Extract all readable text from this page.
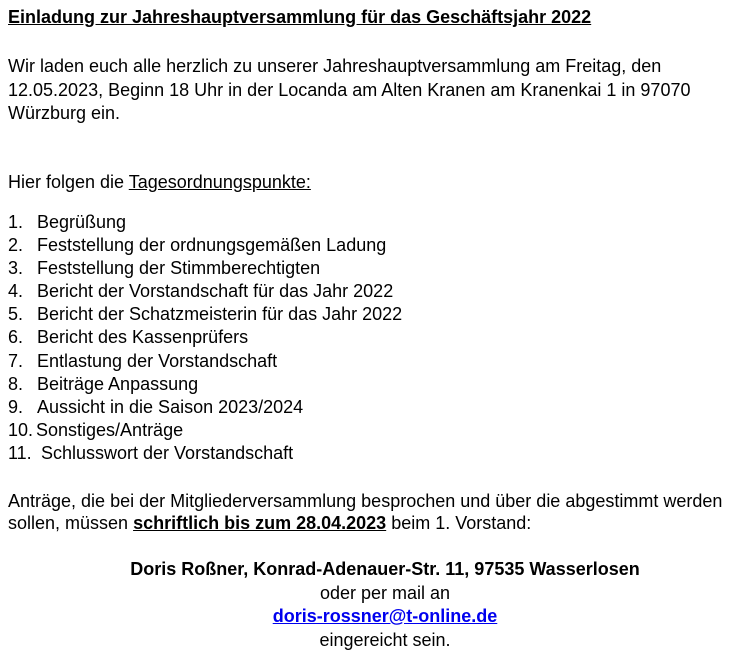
Einladung zur Jahreshauptversammlung für das Geschäftsjahr 2022
Wir laden euch alle herzlich zu unserer Jahreshauptversammlung am Freitag, den 12.05.2023, Beginn 18 Uhr in der Locanda am Alten Kranen am Kranenkai 1 in 97070 Würzburg ein.
Hier folgen die Tagesordnungspunkte:
1. Begrüßung
2. Feststellung der ordnungsgemäßen Ladung
3. Feststellung der Stimmberechtigten
4. Bericht der Vorstandschaft für das Jahr 2022
5. Bericht der Schatzmeisterin für das Jahr 2022
6. Bericht des Kassenprüfers
7. Entlastung der Vorstandschaft
8. Beiträge Anpassung
9. Aussicht in die Saison 2023/2024
10. Sonstiges/Anträge
11. Schlusswort der Vorstandschaft
Anträge, die bei der Mitgliederversammlung besprochen und über die abgestimmt werden sollen, müssen schriftlich bis zum 28.04.2023 beim 1. Vorstand:
Doris Roßner, Konrad-Adenauer-Str. 11, 97535 Wasserlosen
oder per mail an
doris-rossner@t-online.de
eingereicht sein.
